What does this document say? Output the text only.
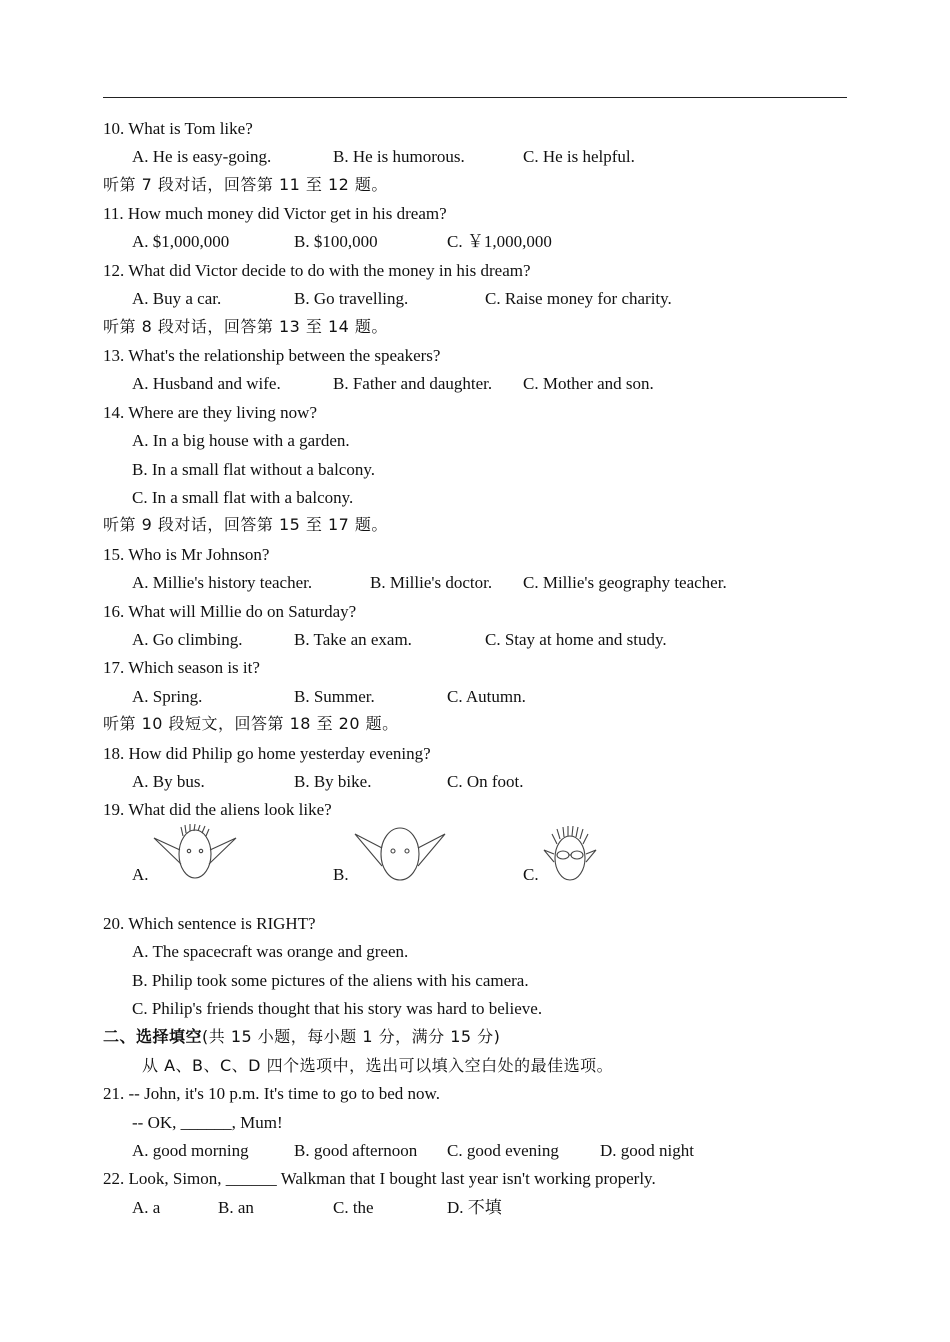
10. What is Tom like?
A. He is easy-going.	B. He is humorous.	C. He is helpful.
听第 7 段对话，回答第 11 至 12 题。
11. How much money did Victor get in his dream?
A. $1,000,000	B. $100,000	C. ￥1,000,000
12. What did Victor decide to do with the money in his dream?
A. Buy a car.	B. Go travelling.	C. Raise money for charity.
听第 8 段对话，回答第 13 至 14 题。
13. What's the relationship between the speakers?
A. Husband and wife.	B. Father and daughter. C. Mother and son.
14. Where are they living now?
A. In a big house with a garden.
B. In a small flat without a balcony.
C. In a small flat with a balcony.
听第 9 段对话，回答第 15 至 17 题。
15. Who is Mr Johnson?
A. Millie's history teacher.	B. Millie's doctor. C. Millie's geography teacher.
16. What will Millie do on Saturday?
A. Go climbing.	B. Take an exam.	C. Stay at home and study.
17. Which season is it?
A. Spring.	B. Summer.	C. Autumn.
听第 10 段短文，回答第 18 至 20 题。
18. How did Philip go home yesterday evening?
A. By bus.	B. By bike.	C. On foot.
19. What did the aliens look like?
A.	B.	C.
20. Which sentence is RIGHT?
A. The spacecraft was orange and green.
B. Philip took some pictures of the aliens with his camera.
C. Philip's friends thought that his story was hard to believe.
二、选择填空(共 15 小题，每小题 1 分，满分 15 分)
从 A、B、C、D 四个选项中，选出可以填入空白处的最佳选项。
21. -- John, it's 10 p.m. It's time to go to bed now.
-- OK, ______, Mum!
A. good morning	B. good afternoon C. good evening D. good night
22. Look, Simon, ______ Walkman that I bought last year isn't working properly.
A. a	B. an	C. the	D. 不填
